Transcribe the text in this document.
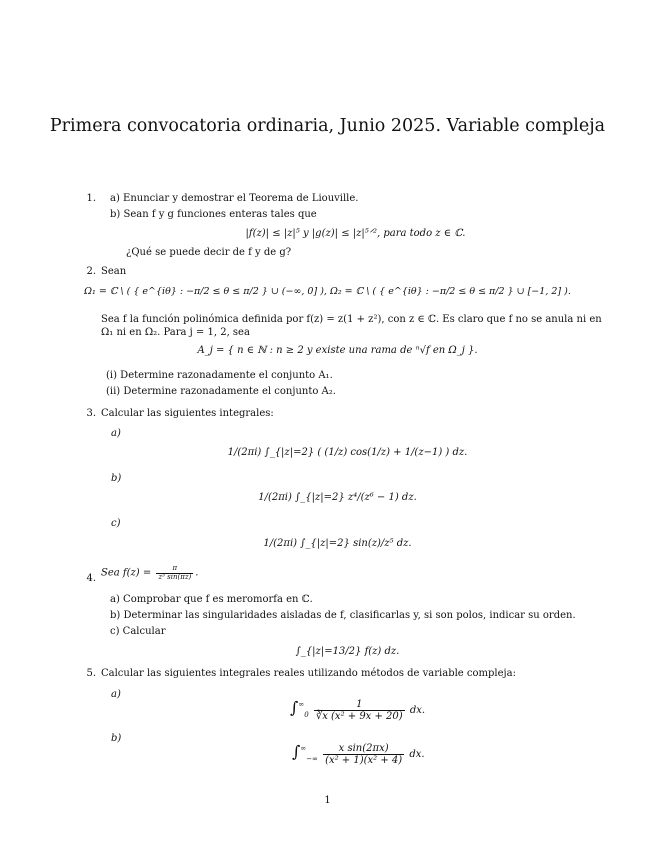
Primera convocatoria ordinaria, Junio 2025. Variable compleja
1. a) Enunciar y demostrar el Teorema de Liouville.
b) Sean f y g funciones enteras tales que
|f(z)| ≤ |z|⁵ y |g(z)| ≤ |z|⁵ᐟ², para todo z ∈ ℂ.
¿Qué se puede decir de f y de g?
2. Sean
Ω₁ = ℂ \ ( { e^{iθ} : −π/2 ≤ θ ≤ π/2 } ∪ (−∞, 0] ), Ω₂ = ℂ \ ( { e^{iθ} : −π/2 ≤ θ ≤ π/2 } ∪ [−1, 2] ).
Sea f la función polinómica definida por f(z) = z(1 + z²), con z ∈ ℂ. Es claro que f no se anula ni en
Ω₁ ni en Ω₂. Para j = 1, 2, sea
A_j = { n ∈ ℕ : n ≥ 2 y existe una rama de ⁿ√f en Ω_j }.
(i) Determine razonadamente el conjunto A₁.
(ii) Determine razonadamente el conjunto A₂.
3. Calcular las siguientes integrales:
a)
1/(2πi) ∫_{|z|=2} ( (1/z) cos(1/z) + 1/(z−1) ) dz.
b)
1/(2πi) ∫_{|z|=2} z⁴/(z⁶ − 1) dz.
c)
1/(2πi) ∫_{|z|=2} sin(z)/z⁵ dz.
4. Sea $f(z) = \frac{\pi}{\text{z³ sin(πz)}}$ .
a) Comprobar que f es meromorfa en ℂ.
b) Determinar las singularidades aisladas de f, clasificarlas y, si son polos, indicar su orden.
c) Calcular
∫_{|z|=13/2} f(z) dz.
5. Calcular las siguientes integrales reales utilizando métodos de variable compleja:
a)
$\int^\infty_0 \frac{1}{\text{∛x (x² + 9x + 20)}}$ dx.
b)
$\int^\infty_{-\infty} \frac{\text{x sin(2πx)}}{\text{(x² + 1)(x² + 4)}}$ dx.
1
